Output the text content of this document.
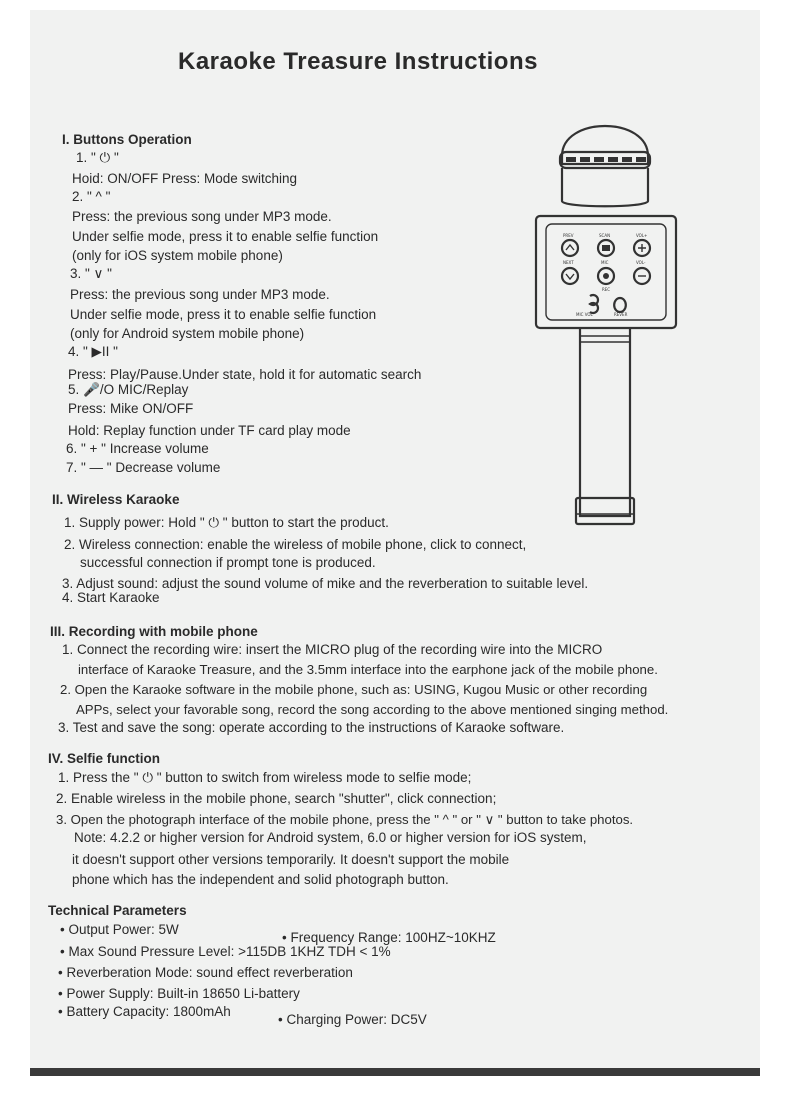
Karaoke Treasure Instructions
I. Buttons Operation
1. " ⏻ "
Hoid: ON/OFF Press: Mode switching
2. " ^ "
Press: the previous song under MP3 mode.
Under selfie mode, press it to enable selfie function
(only for iOS system mobile phone)
3. " ∨ "
Press: the previous song under MP3 mode.
Under selfie mode, press it to enable selfie function
(only for Android system mobile phone)
4. " ▶II "
Press: Play/Pause.Under state, hold it for automatic search
5. 🎤/O MIC/Replay
Press: Mike ON/OFF
Hold: Replay function under TF card play mode
6. " + " Increase volume
7. " — " Decrease volume
II. Wireless Karaoke
1. Supply power: Hold " ⏻ " button to start the product.
2. Wireless connection: enable the wireless of mobile phone, click to connect,
successful connection if prompt tone is produced.
3. Adjust sound: adjust the sound volume of mike and the reverberation to suitable level.
4. Start Karaoke
III. Recording with mobile phone
1. Connect the recording wire: insert the MICRO plug of the recording wire into the MICRO
interface of Karaoke Treasure, and the 3.5mm interface into the earphone jack of the mobile phone.
2. Open the Karaoke software in the mobile phone, such as: USING, Kugou Music or other recording
APPs, select your favorable song, record the song according to the above mentioned singing method.
3. Test and save the song: operate according to the instructions of Karaoke software.
IV. Selfie function
1. Press the " ⏻ " button to switch from wireless mode to selfie mode;
2. Enable wireless in the mobile phone, search "shutter", click connection;
3. Open the photograph interface of the mobile phone, press the " ^ " or " ∨ " button to take photos.
Note: 4.2.2 or higher version for Android system, 6.0 or higher version for iOS system,
it doesn't support other versions temporarily. It doesn't support the mobile
phone which has the independent and solid photograph button.
Technical Parameters
• Output Power: 5W
• Frequency Range: 100HZ~10KHZ
• Max Sound Pressure Level: >115DB 1KHZ TDH < 1%
• Reverberation Mode: sound effect reverberation
• Power Supply: Built-in 18650 Li-battery
• Battery Capacity: 1800mAh
• Charging Power: DC5V
PREV	SCAN	VOL+
NEXT	MIC	VOL-
REC
MIC VOL	REVER
